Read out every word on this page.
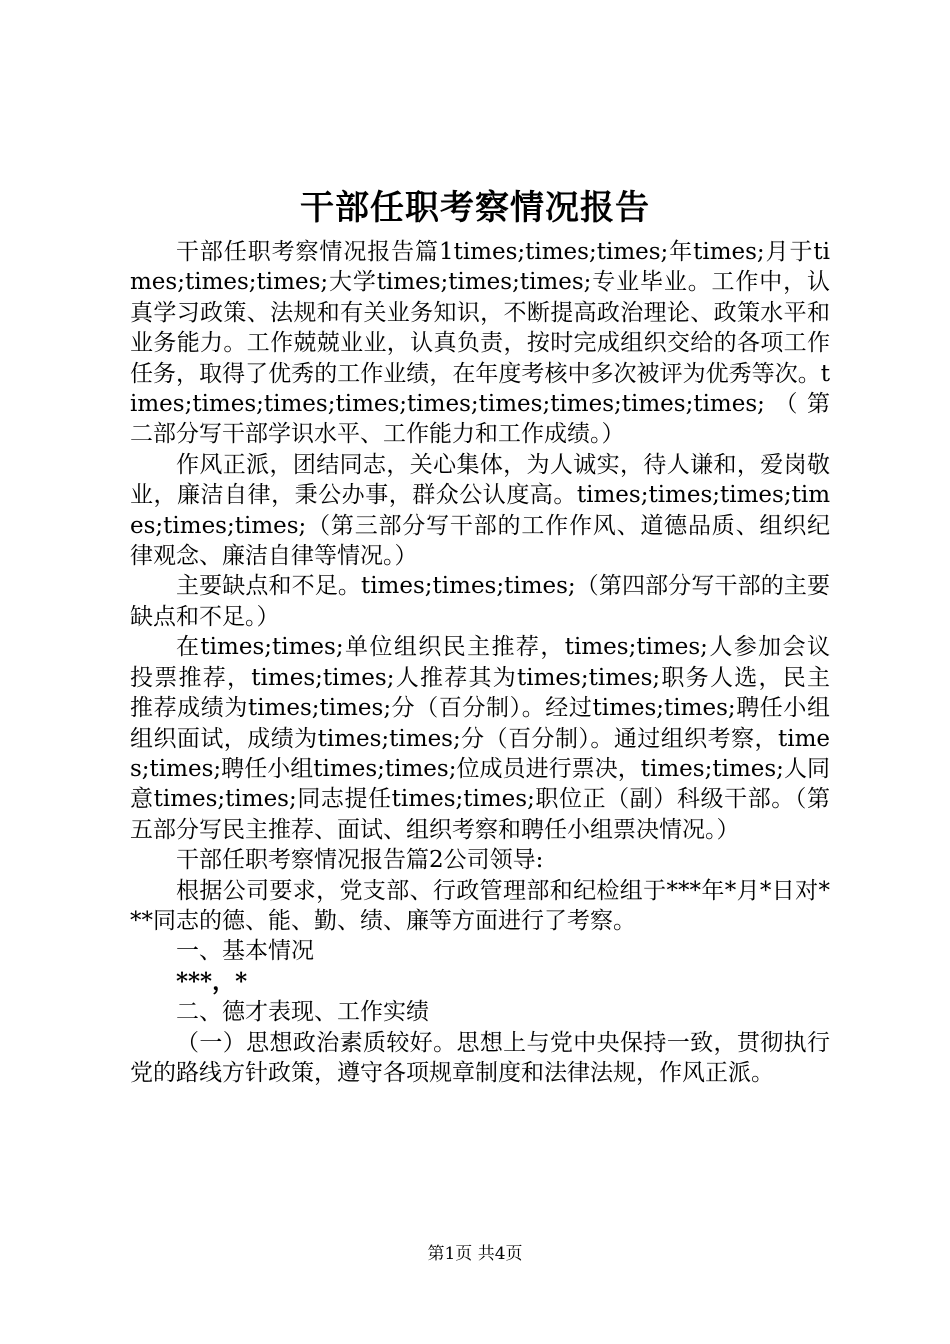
干部任职考察情况报告

干部任职考察情况报告篇1times;times;times;年times;月于times;times;times;大学times;times;times;专业毕业。工作中，认真学习政策、法规和有关业务知识，不断提高政治理论、政策水平和业务能力。工作兢兢业业，认真负责，按时完成组织交给的各项工作任务，取得了优秀的工作业绩，在年度考核中多次被评为优秀等次。times;times;times;times;times;times;times;times;times;（第二部分写干部学识水平、工作能力和工作成绩。）

作风正派，团结同志，关心集体，为人诚实，待人谦和，爱岗敬业，廉洁自律，秉公办事，群众公认度高。times;times;times;times;times;times;（第三部分写干部的工作作风、道德品质、组织纪律观念、廉洁自律等情况。）

主要缺点和不足。times;times;times;（第四部分写干部的主要缺点和不足。）

在times;times;单位组织民主推荐，times;times;人参加会议投票推荐，times;times;人推荐其为times;times;职务人选，民主推荐成绩为times;times;分（百分制）。经过times;times;聘任小组组织面试，成绩为times;times;分（百分制）。通过组织考察，times;times;聘任小组times;times;位成员进行票决，times;times;人同意times;times;同志提任times;times;职位正（副）科级干部。（第五部分写民主推荐、面试、组织考察和聘任小组票决情况。）

干部任职考察情况报告篇2公司领导:

根据公司要求，党支部、行政管理部和纪检组于***年*月*日对***同志的德、能、勤、绩、廉等方面进行了考察。

一、基本情况

***，*

二、德才表现、工作实绩

（一）思想政治素质较好。思想上与党中央保持一致，贯彻执行党的路线方针政策，遵守各项规章制度和法律法规，作风正派。

第1页 共4页
